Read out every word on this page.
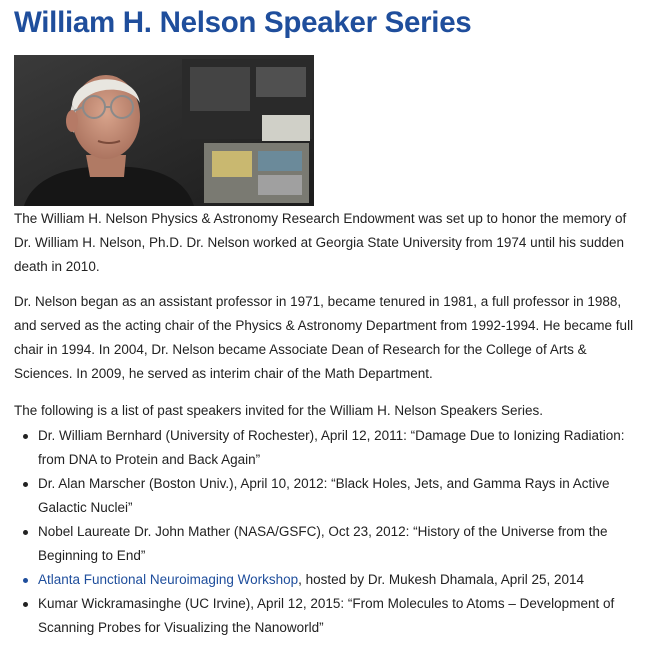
William H. Nelson Speaker Series

The William H. Nelson Physics & Astronomy Research Endowment was set up to honor the memory of Dr. William H. Nelson, Ph.D. Dr. Nelson worked at Georgia State University from 1974 until his sudden death in 2010.

Dr. Nelson began as an assistant professor in 1971, became tenured in 1981, a full professor in 1988, and served as the acting chair of the Physics & Astronomy Department from 1992-1994. He became full chair in 1994. In 2004, Dr. Nelson became Associate Dean of Research for the College of Arts & Sciences. In 2009, he served as interim chair of the Math Department.

The following is a list of past speakers invited for the William H. Nelson Speakers Series.

Dr. William Bernhard (University of Rochester), April 12, 2011: “Damage Due to Ionizing Radiation: from DNA to Protein and Back Again”
Dr. Alan Marscher (Boston Univ.), April 10, 2012: “Black Holes, Jets, and Gamma Rays in Active Galactic Nuclei”
Nobel Laureate Dr. John Mather (NASA/GSFC), Oct 23, 2012: “History of the Universe from the Beginning to End”
Atlanta Functional Neuroimaging Workshop, hosted by Dr. Mukesh Dhamala, April 25, 2014
Kumar Wickramasinghe (UC Irvine), April 12, 2015: “From Molecules to Atoms – Development of Scanning Probes for Visualizing the Nanoworld”
